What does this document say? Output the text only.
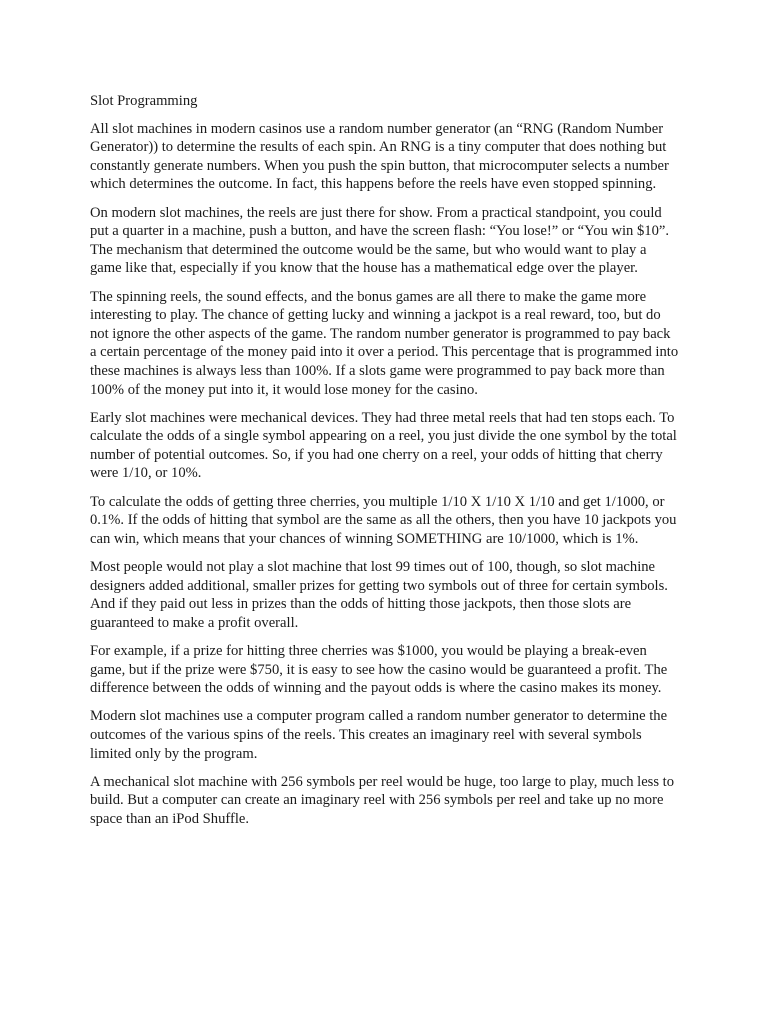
Slot Programming

All slot machines in modern casinos use a random number generator (an “RNG (Random Number Generator)) to determine the results of each spin. An RNG is a tiny computer that does nothing but constantly generate numbers. When you push the spin button, that microcomputer selects a number which determines the outcome. In fact, this happens before the reels have even stopped spinning.

On modern slot machines, the reels are just there for show. From a practical standpoint, you could put a quarter in a machine, push a button, and have the screen flash: “You lose!” or “You win $10”. The mechanism that determined the outcome would be the same, but who would want to play a game like that, especially if you know that the house has a mathematical edge over the player.

The spinning reels, the sound effects, and the bonus games are all there to make the game more interesting to play. The chance of getting lucky and winning a jackpot is a real reward, too, but do not ignore the other aspects of the game. The random number generator is programmed to pay back a certain percentage of the money paid into it over a period. This percentage that is programmed into these machines is always less than 100%. If a slots game were programmed to pay back more than 100% of the money put into it, it would lose money for the casino.

Early slot machines were mechanical devices. They had three metal reels that had ten stops each. To calculate the odds of a single symbol appearing on a reel, you just divide the one symbol by the total number of potential outcomes. So, if you had one cherry on a reel, your odds of hitting that cherry were 1/10, or 10%.

To calculate the odds of getting three cherries, you multiple 1/10 X 1/10 X 1/10 and get 1/1000, or 0.1%. If the odds of hitting that symbol are the same as all the others, then you have 10 jackpots you can win, which means that your chances of winning SOMETHING are 10/1000, which is 1%.

Most people would not play a slot machine that lost 99 times out of 100, though, so slot machine designers added additional, smaller prizes for getting two symbols out of three for certain symbols. And if they paid out less in prizes than the odds of hitting those jackpots, then those slots are guaranteed to make a profit overall.

For example, if a prize for hitting three cherries was $1000, you would be playing a break-even game, but if the prize were $750, it is easy to see how the casino would be guaranteed a profit. The difference between the odds of winning and the payout odds is where the casino makes its money.

Modern slot machines use a computer program called a random number generator to determine the outcomes of the various spins of the reels. This creates an imaginary reel with several symbols limited only by the program.

A mechanical slot machine with 256 symbols per reel would be huge, too large to play, much less to build. But a computer can create an imaginary reel with 256 symbols per reel and take up no more space than an iPod Shuffle.
